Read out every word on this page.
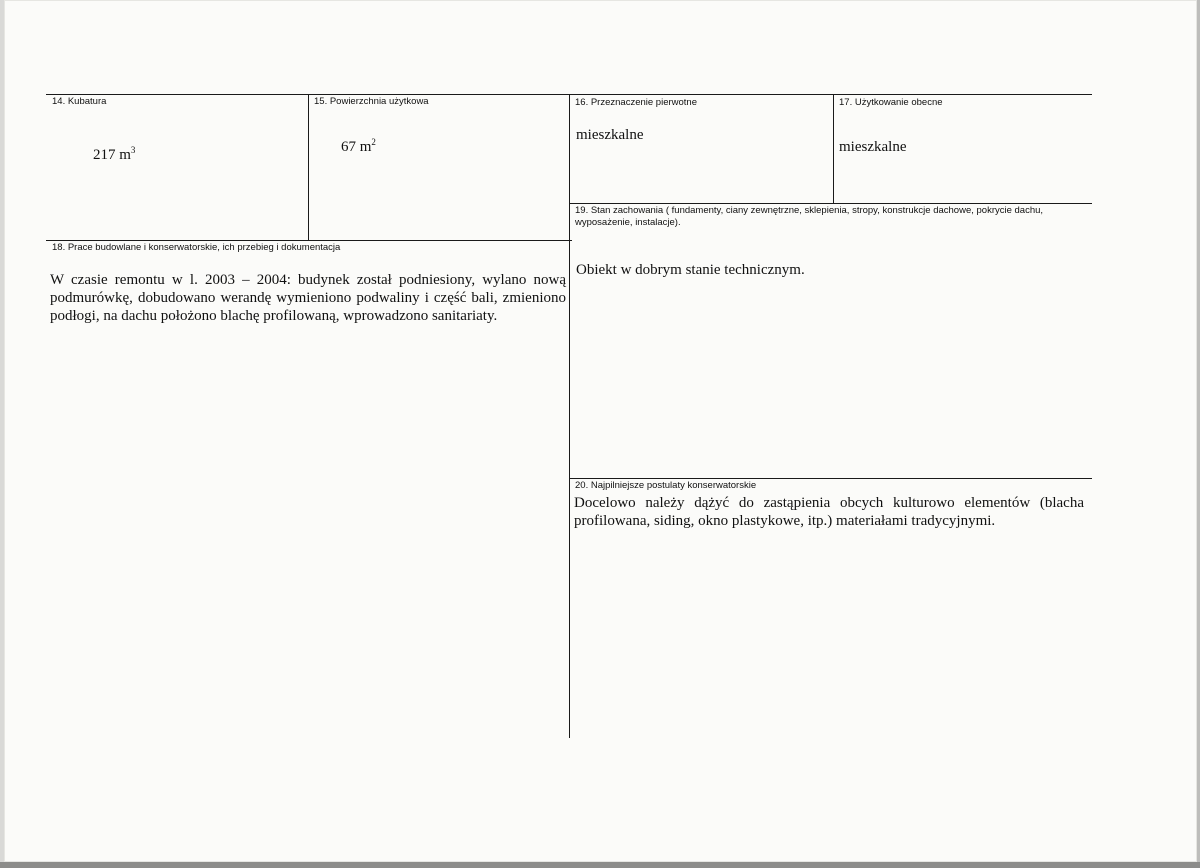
14. Kubatura
217 $m^3$
15. Powierzchnia użytkowa
67 $m^2$
16. Przeznaczenie pierwotne
mieszkalne
17. Użytkowanie obecne
mieszkalne
19. Stan zachowania ( fundamenty, ciany zewnętrzne, sklepienia, stropy, konstrukcje dachowe, pokrycie dachu, wyposażenie, instalacje).
Obiekt w dobrym stanie technicznym.
18. Prace budowlane i konserwatorskie, ich przebieg i dokumentacja
W czasie remontu w l. 2003 – 2004: budynek został podniesiony, wylano nową podmurówkę, dobudowano werandę wymieniono podwaliny i część bali, zmieniono podłogi, na dachu położono blachę profilowaną, wprowadzono sanitariaty.
20. Najpilniejsze postulaty konserwatorskie
Docelowo należy dążyć do zastąpienia obcych kulturowo elementów (blacha profilowana, siding, okno plastykowe, itp.) materiałami tradycyjnymi.
